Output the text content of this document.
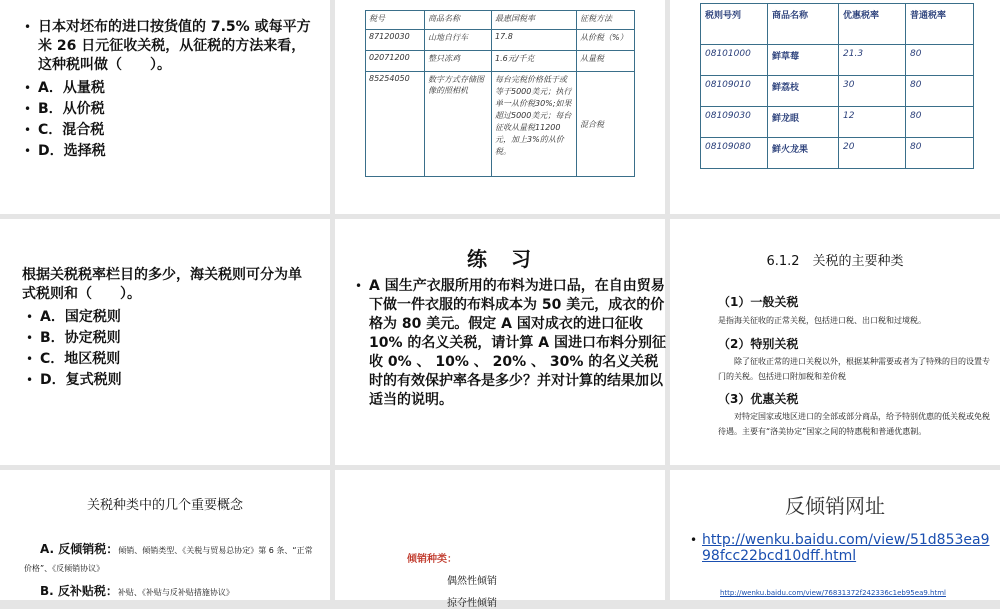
• 日本对坯布的进口按货值的 7.5% 或每平方米 26 日元征收关税，从征税的方法来看，这种税叫做（　　）。
• A．从量税
• B．从价税
• C．混合税
• D．选择税
税号	商品名称	最惠国税率	征税方法
87120030	山地自行车	17.8	从价税（%）
02071200	整只冻鸡	1.6元/千克	从量税
85254050	数字方式存储图像的照相机	每台完税价格低于或等于5000美元；执行单一从价税30%;如果超过5000美元；每台征收从量税11200元，加上3%的从价税。	混合税
税则号列	商品名称	优惠税率	普通税率
08101000	鲜草莓	21.3	80
08109010	鲜荔枝	30	80
08109030	鲜龙眼	12	80
08109080	鲜火龙果	20	80
根据关税税率栏目的多少，海关税则可分为单式税则和（　　）。
• A．国定税则
• B．协定税则
• C．地区税则
• D．复式税则
练　习
• A 国生产衣服所用的布料为进口品，在自由贸易下做一件衣服的布料成本为 50 美元，成衣的价格为 80 美元。假定 A 国对成衣的进口征收 10% 的名义关税，请计算 A 国进口布料分别征收 0% 、 10% 、 20% 、 30% 的名义关税时的有效保护率各是多少？并对计算的结果加以适当的说明。
6.1.2　关税的主要种类
（1）一般关税
是指海关征收的正常关税，包括进口税、出口税和过境税。
（2）特别关税
除了征收正常的进口关税以外，根据某种需要或者为了特殊的目的设置专门的关税。包括进口附加税和差价税
（3）优惠关税
对特定国家或地区进口的全部或部分商品，给予特别优惠的低关税或免税待遇。主要有“洛美协定”国家之间的特惠税和普通优惠制。
关税种类中的几个重要概念
A. 反倾销税：倾销、倾销类型、《关税与贸易总协定》第 6 条、“正常价格”、《反倾销协议》
B. 反补贴税：补贴、《补贴与反补贴措施协议》
倾销种类：
偶然性倾销
掠夺性倾销
反倾销网址
• http://wenku.baidu.com/view/51d853ea998fcc22bcd10dff.html
http://wenku.baidu.com/view/76831372f242336c1eb95ea9.html
